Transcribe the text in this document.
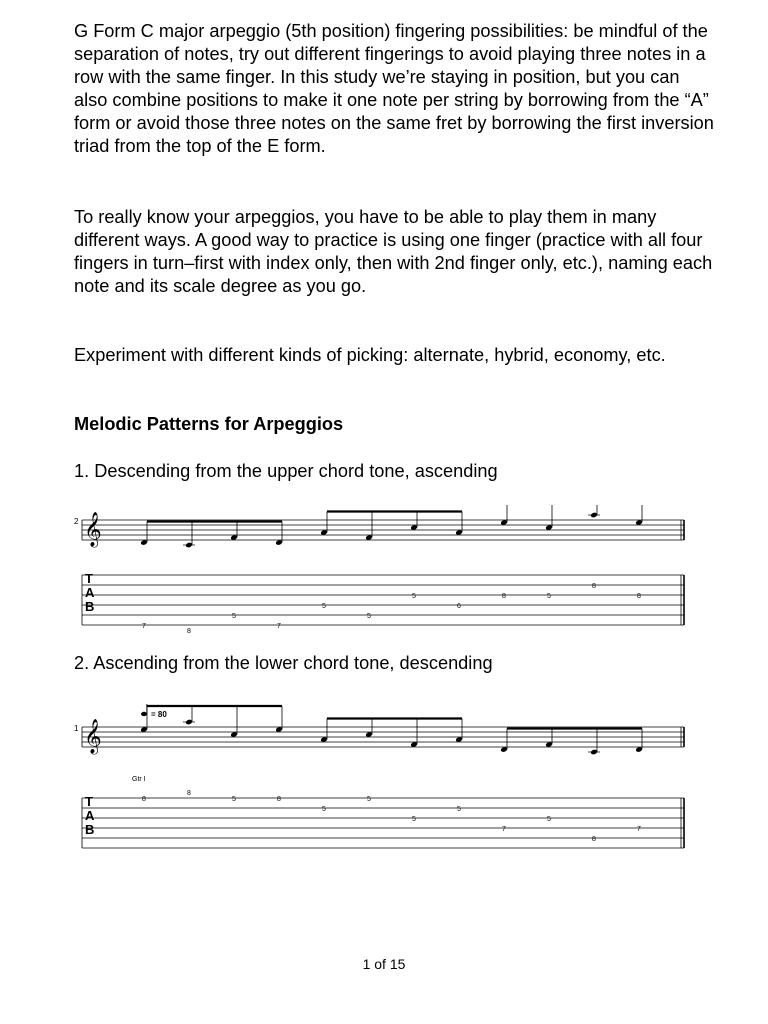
G Form C major arpeggio (5th position) fingering possibilities: be mindful of the separation of notes, try out different fingerings to avoid playing three notes in a row with the same finger. In this study we’re staying in position, but you can also combine positions to make it one note per string by borrowing from the “A” form or avoid those three notes on the same fret by borrowing the first inversion triad from the top of the E form.

To really know your arpeggios, you have to be able to play them in many different ways. A good way to practice is using one finger (practice with all four fingers in turn–first with index only, then with 2nd finger only, etc.), naming each note and its scale degree as you go.

Experiment with different kinds of picking: alternate, hybrid, economy, etc.

Melodic Patterns for Arpeggios

1. Descending from the upper chord tone, ascending

2 𝄞
T
A
B
7
8
5
7
5
5
5
6
8	5
8
8

2. Ascending from the lower chord tone, descending

1 𝄞
T
A
B
= 80
Gtr I
8
8
5	8
5
5
5
5
7
5
8
7
1 of 15
